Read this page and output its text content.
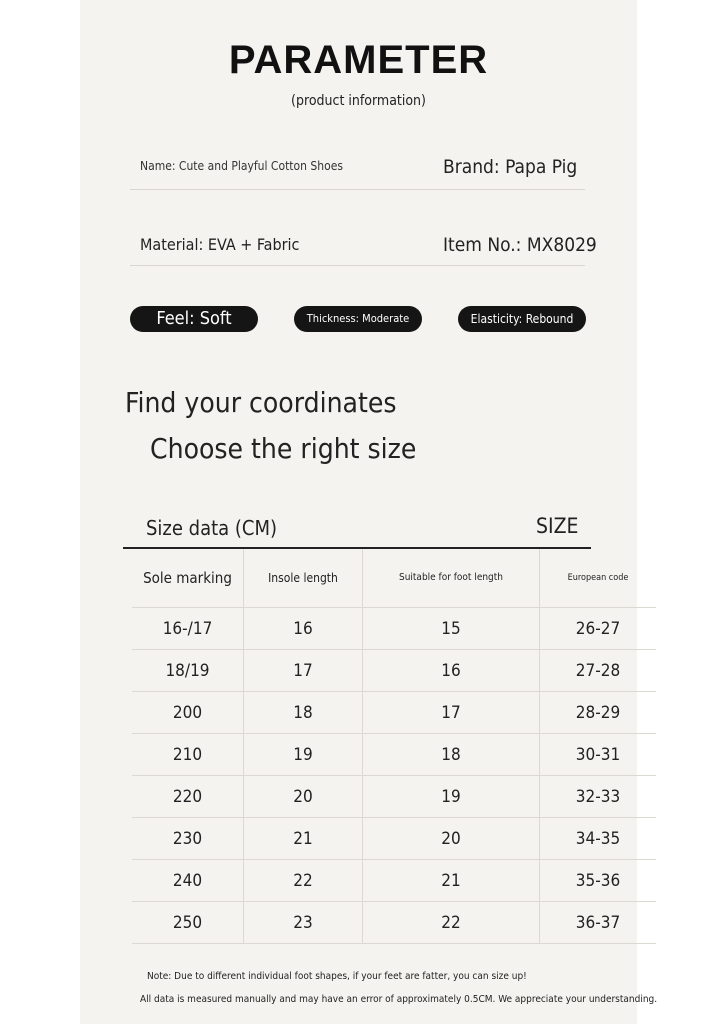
PARAMETER
(product information)
Name: Cute and Playful Cotton Shoes	Brand: Papa Pig
Material: EVA + Fabric	Item No.: MX8029
Feel: Soft	Thickness: Moderate	Elasticity: Rebound
Find your coordinates
Choose the right size
Size data (CM)	SIZE
Sole marking	Insole length	Suitable for foot length	European code
16-/17	16	15	26-27
18/19	17	16	27-28
200	18	17	28-29
210	19	18	30-31
220	20	19	32-33
230	21	20	34-35
240	22	21	35-36
250	23	22	36-37
Note: Due to different individual foot shapes, if your feet are fatter, you can size up!
All data is measured manually and may have an error of approximately 0.5CM. We appreciate your understanding.
